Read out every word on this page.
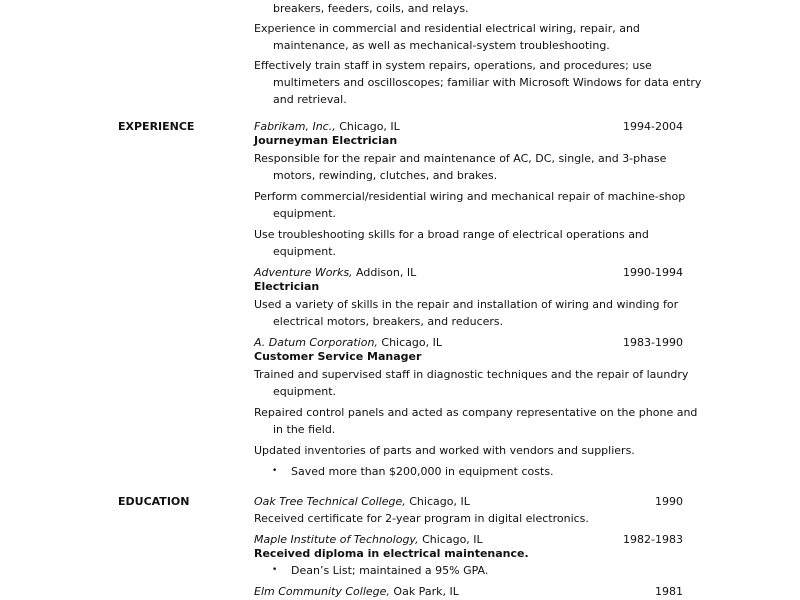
breakers, feeders, coils, and relays.
Experience in commercial and residential electrical wiring, repair, and maintenance, as well as mechanical-system troubleshooting.
Effectively train staff in system repairs, operations, and procedures; use multimeters and oscilloscopes; familiar with Microsoft Windows for data entry and retrieval.
EXPERIENCE	Fabrikam, Inc., Chicago, IL	1994-2004
Journeyman Electrician
Responsible for the repair and maintenance of AC, DC, single, and 3-phase motors, rewinding, clutches, and brakes.
Perform commercial/residential wiring and mechanical repair of machine-shop equipment.
Use troubleshooting skills for a broad range of electrical operations and equipment.
Adventure Works, Addison, IL	1990-1994
Electrician
Used a variety of skills in the repair and installation of wiring and winding for electrical motors, breakers, and reducers.
A. Datum Corporation, Chicago, IL	1983-1990
Customer Service Manager
Trained and supervised staff in diagnostic techniques and the repair of laundry equipment.
Repaired control panels and acted as company representative on the phone and in the field.
Updated inventories of parts and worked with vendors and suppliers.
• Saved more than $200,000 in equipment costs.
EDUCATION	Oak Tree Technical College, Chicago, IL	1990
Received certificate for 2-year program in digital electronics.
Maple Institute of Technology, Chicago, IL	1982-1983
Received diploma in electrical maintenance.
• Dean’s List; maintained a 95% GPA.
Elm Community College, Oak Park, IL	1981
